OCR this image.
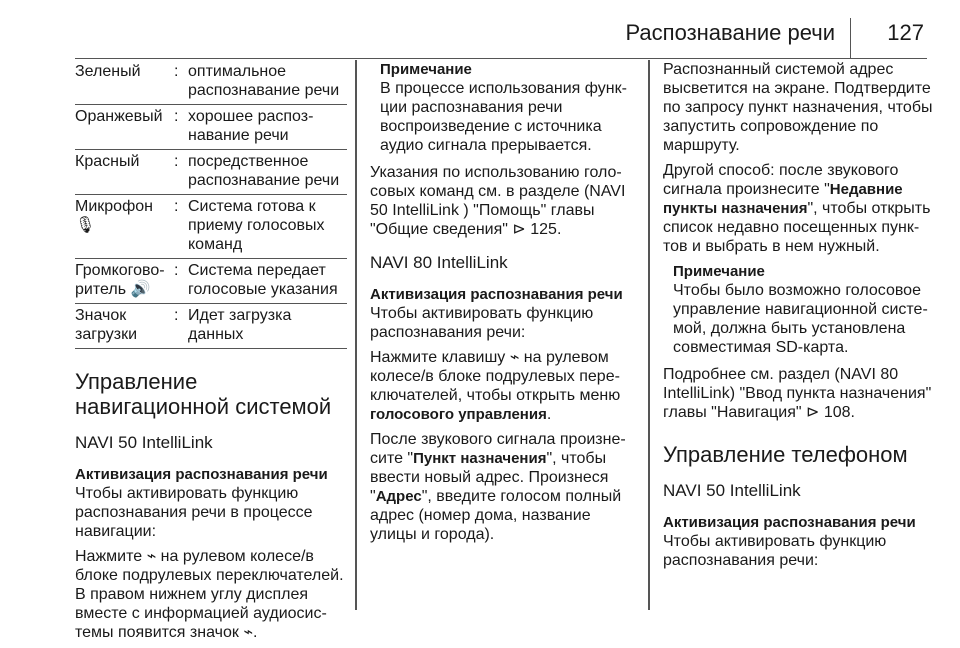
Распознавание речи 127
Зеленый	: оптимальное распознавание речи
Оранжевый : хорошее распознавание речи
Красный	: посредственное распознавание речи
Микрофон 🎙
: Система готова к приему голосовых команд
Громкоговоритель 🔊
: Система передает голосовые указания
Значок загрузки
: Идет загрузка данных
Управление навигационной системой
NAVI 50 IntelliLink
Активизация распознавания речи

Чтобы активировать функцию распознавания речи в процессе навигации:

Нажмите ⌁ на рулевом колесе/в блоке подрулевых переключателей. В правом нижнем углу дисплея вместе с информацией аудиосистемы появится значок ⌁.

Примечание
В процессе использования функции распознавания речи воспроизведение с источника аудио сигнала прерывается.

Указания по использованию голосовых команд см. в разделе (NAVI 50 IntelliLink ) "Помощь" главы "Общие сведения" ⊳ 125.

NAVI 80 IntelliLink
Активизация распознавания речи

Чтобы активировать функцию распознавания речи:

Нажмите клавишу ⌁ на рулевом колесе/в блоке подрулевых переключателей, чтобы открыть меню голосового управления.

После звукового сигнала произнесите "Пункт назначения", чтобы ввести новый адрес. Произнеся "Адрес", введите голосом полный адрес (номер дома, название улицы и города).

Распознанный системой адрес высветится на экране. Подтвердите по запросу пункт назначения, чтобы запустить сопровождение по маршруту.

Другой способ: после звукового сигнала произнесите "Недавние пункты назначения", чтобы открыть список недавно посещенных пунктов и выбрать в нем нужный.

Примечание
Чтобы было возможно голосовое управление навигационной системой, должна быть установлена совместимая SD-карта.

Подробнее см. раздел (NAVI 80 IntelliLink) "Ввод пункта назначения" главы "Навигация" ⊳ 108.

Управление телефоном
NAVI 50 IntelliLink
Активизация распознавания речи

Чтобы активировать функцию распознавания речи:
